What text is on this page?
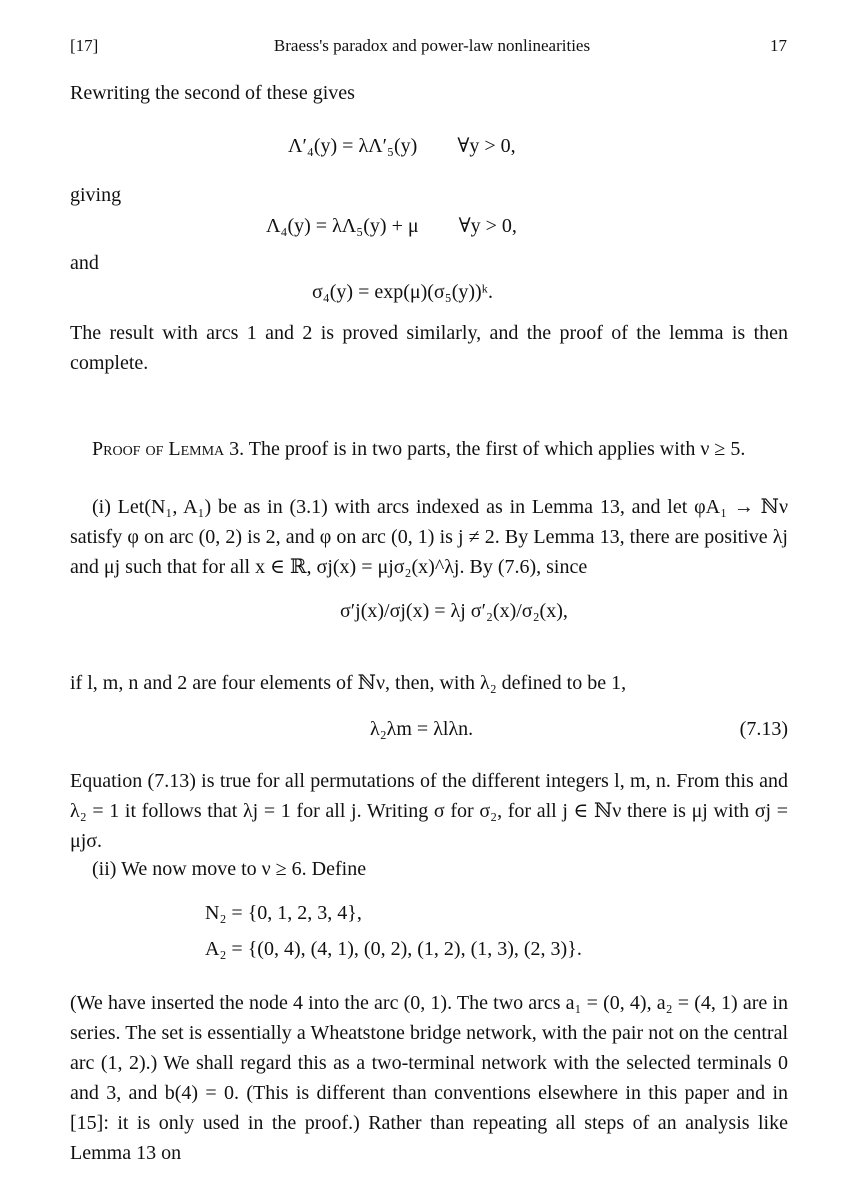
[17]	Braess's paradox and power-law nonlinearities	17
Rewriting the second of these gives
Λ′₄(y) = λΛ′₅(y)        ∀y > 0,
giving
Λ₄(y) = λΛ₅(y) + μ        ∀y > 0,
and
σ₄(y) = exp(μ)(σ₅(y))ᵏ.
The result with arcs 1 and 2 is proved similarly, and the proof of the lemma is then complete.
Proof of Lemma 3. The proof is in two parts, the first of which applies with ν ≥ 5.
(i) Let(N₁, A₁) be as in (3.1) with arcs indexed as in Lemma 13, and let φA₁ → ℕν satisfy φ on arc (0, 2) is 2, and φ on arc (0, 1) is j ≠ 2. By Lemma 13, there are positive λj and μj such that for all x ∈ ℝ, σj(x) = μjσ₂(x)^λj. By (7.6), since
σ′j(x)/σj(x) = λj σ′₂(x)/σ₂(x),
if l, m, n and 2 are four elements of ℕν, then, with λ₂ defined to be 1,
λ₂λm = λlλn.	(7.13)
Equation (7.13) is true for all permutations of the different integers l, m, n. From this and λ₂ = 1 it follows that λj = 1 for all j. Writing σ for σ₂, for all j ∈ ℕν there is μj with σj = μjσ.
(ii) We now move to ν ≥ 6. Define
N₂ = {0, 1, 2, 3, 4},
A₂ = {(0, 4), (4, 1), (0, 2), (1, 2), (1, 3), (2, 3)}.
(We have inserted the node 4 into the arc (0, 1). The two arcs a₁ = (0, 4), a₂ = (4, 1) are in series. The set is essentially a Wheatstone bridge network, with the pair not on the central arc (1, 2).) We shall regard this as a two-terminal network with the selected terminals 0 and 3, and b(4) = 0. (This is different than conventions elsewhere in this paper and in [15]: it is only used in the proof.) Rather than repeating all steps of an analysis like Lemma 13 on
